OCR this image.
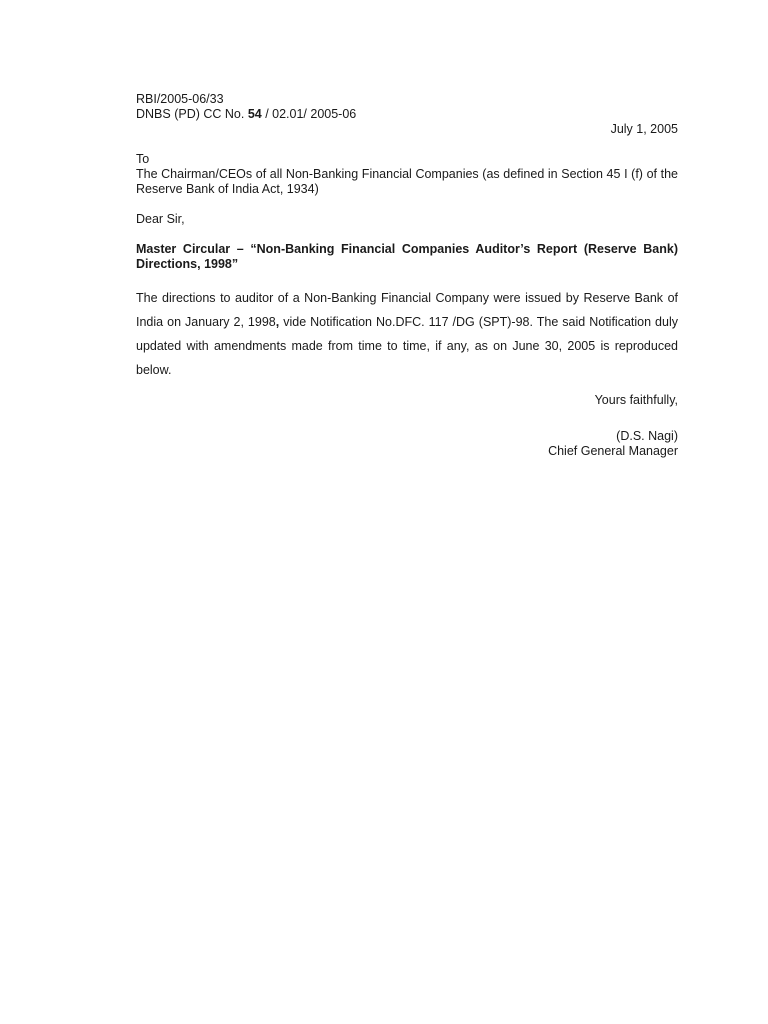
RBI/2005-06/33
DNBS (PD) CC No. 54 / 02.01/ 2005-06
July 1, 2005
To
The Chairman/CEOs of all Non-Banking Financial Companies (as defined in Section 45 I (f) of the Reserve Bank of India Act, 1934)
Dear Sir,
Master Circular – “Non-Banking Financial Companies Auditor’s Report (Reserve Bank) Directions, 1998”
The directions to auditor of a Non-Banking Financial Company were issued by Reserve Bank of India on January 2, 1998, vide Notification No.DFC. 117 /DG (SPT)-98. The said Notification duly updated with amendments made from time to time, if any, as on June 30, 2005 is reproduced below.
Yours faithfully,
(D.S. Nagi)
Chief General Manager
